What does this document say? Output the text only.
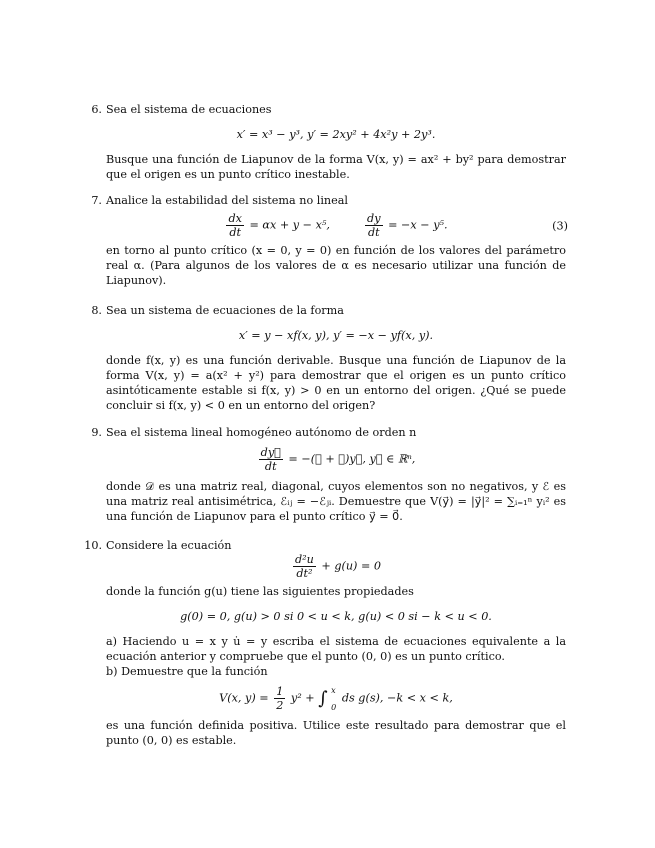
6. Sea el sistema de ecuaciones

x′ = x³ − y³, y′ = 2xy² + 4x²y + 2y³.

Busque una función de Liapunov de la forma V(x, y) = ax² + by² para demostrar que el origen es un punto crítico inestable.

7. Analice la estabilidad del sistema no lineal

$\frac{dx}{dt} = \alpha x + y - x^5$,	$\frac{dy}{dt} = -x - y^5$.	(3)

en torno al punto crítico (x = 0, y = 0) en función de los valores del parámetro real α. (Para algunos de los valores de α es necesario utilizar una función de Liapunov).

8. Sea un sistema de ecuaciones de la forma

x′ = y − xf(x, y), y′ = −x − yf(x, y).

donde f(x, y) es una función derivable. Busque una función de Liapunov de la forma V(x, y) = a(x² + y²) para demostrar que el origen es un punto crítico asintóticamente estable si f(x, y) > 0 en un entorno del origen. ¿Qué se puede concluir si f(x, y) < 0 en un entorno del origen?

9. Sea el sistema lineal homogéneo autónomo de orden n

$\frac{dy⃗}{dt}$ = −(𝒟 + ℰ)y⃗, y⃗ ∈ ℝⁿ,

donde 𝒟 es una matriz real, diagonal, cuyos elementos son no negativos, y ℰ es una matriz real antisimétrica, ℰᵢⱼ = −ℰⱼᵢ. Demuestre que V(y⃗) = |y⃗|² = ∑ᵢ₌₁ⁿ yᵢ² es una función de Liapunov para el punto crítico y⃗ = 0⃗.

10. Considere la ecuación

$\frac{\text{d²u}}{\text{dt²}} + g(u) = 0$

donde la función g(u) tiene las siguientes propiedades

g(0) = 0, g(u) > 0 si 0 < u < k, g(u) < 0 si − k < u < 0.

a) Haciendo u = x y u̇ = y escriba el sistema de ecuaciones equivalente a la ecuación anterior y compruebe que el punto (0, 0) es un punto crítico.

b) Demuestre que la función

V(x, $y) = \frac{1}{2} y^2$ + ∫ x
0
ds g(s), −k < x < k,

es una función definida positiva. Utilice este resultado para demostrar que el punto (0, 0) es estable.
